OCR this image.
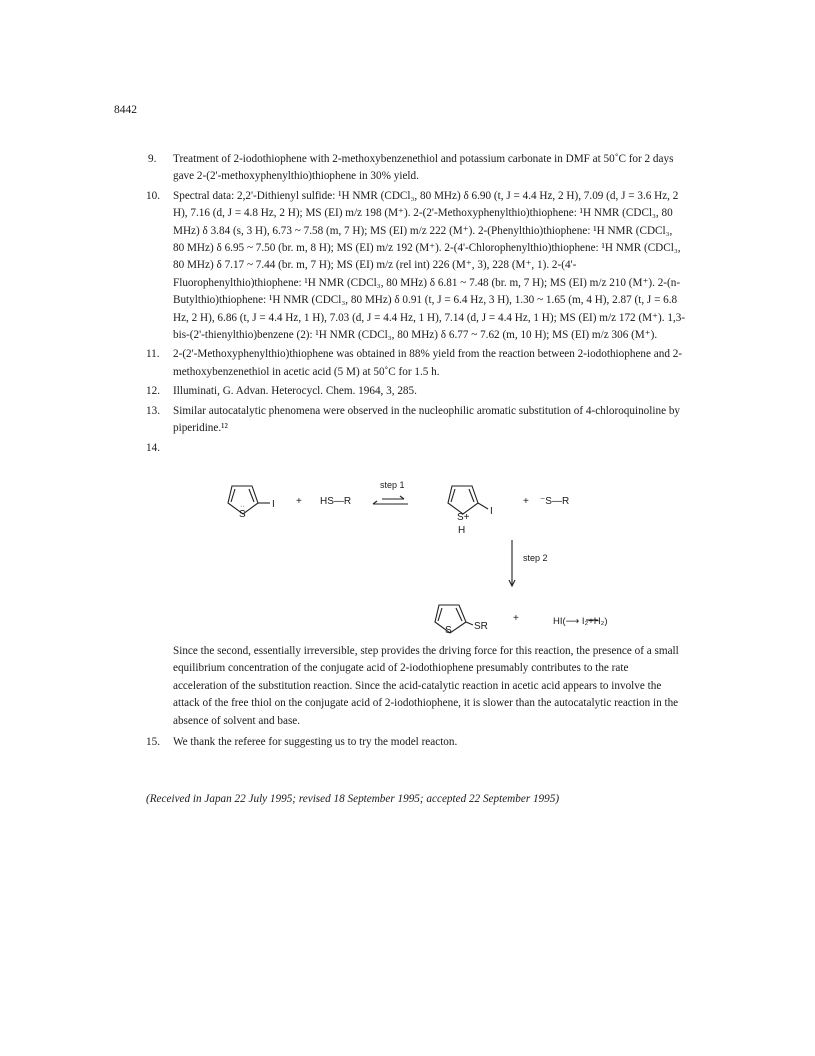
8442
9.	Treatment of 2-iodothiophene with 2-methoxybenzenethiol and potassium carbonate in DMF at 50˚C for 2 days gave 2-(2'-methoxyphenylthio)thiophene in 30% yield.
10.	Spectral data: 2,2'-Dithienyl sulfide: ¹H NMR (CDCl₃, 80 MHz) δ 6.90 (t, J = 4.4 Hz, 2 H), 7.09 (d, J = 3.6 Hz, 2 H), 7.16 (d, J = 4.8 Hz, 2 H); MS (EI) m/z 198 (M⁺). 2-(2'-Methoxyphenylthio)thiophene: ¹H NMR (CDCl₃, 80 MHz) δ 3.84 (s, 3 H), 6.73 ~ 7.58 (m, 7 H); MS (EI) m/z 222 (M⁺). 2-(Phenylthio)thiophene: ¹H NMR (CDCl₃, 80 MHz) δ 6.95 ~ 7.50 (br. m, 8 H); MS (EI) m/z 192 (M⁺). 2-(4'-Chlorophenylthio)thiophene: ¹H NMR (CDCl₃, 80 MHz) δ 7.17 ~ 7.44 (br. m, 7 H); MS (EI) m/z (rel int) 226 (M⁺, 3), 228 (M⁺, 1). 2-(4'-Fluorophenylthio)thiophene: ¹H NMR (CDCl₃, 80 MHz) δ 6.81 ~ 7.48 (br. m, 7 H); MS (EI) m/z 210 (M⁺). 2-(n-Butylthio)thiophene: ¹H NMR (CDCl₃, 80 MHz) δ 0.91 (t, J = 6.4 Hz, 3 H), 1.30 ~ 1.65 (m, 4 H), 2.87 (t, J = 6.8 Hz, 2 H), 6.86 (t, J = 4.4 Hz, 1 H), 7.03 (d, J = 4.4 Hz, 1 H), 7.14 (d, J = 4.4 Hz, 1 H); MS (EI) m/z 172 (M⁺). 1,3-bis-(2'-thienylthio)benzene (2): ¹H NMR (CDCl₃, 80 MHz) δ 6.77 ~ 7.62 (m, 10 H); MS (EI) m/z 306 (M⁺).
11.	2-(2'-Methoxyphenylthio)thiophene was obtained in 88% yield from the reaction between 2-iodothiophene and 2-methoxybenzenethiol in acetic acid (5 M) at 50˚C for 1.5 h.
12.	Illuminati, G. Advan. Heterocycl. Chem. 1964, 3, 285.
13.	Similar autocatalytic phenomena were observed in the nucleophilic aromatic substitution of 4-chloroquinoline by piperidine.¹²
14.
I
S
··	+ HS—R
step 1
I
S+
H
+ ⁻S—R
step 2
S SR
+	HI(⟶ I₂+H₂)
Since the second, essentially irreversible, step provides the driving force for this reaction, the presence of a small equilibrium concentration of the conjugate acid of 2-iodothiophene presumably contributes to the rate acceleration of the substitution reaction. Since the acid-catalytic reaction in acetic acid appears to involve the attack of the free thiol on the conjugate acid of 2-iodothiophene, it is slower than the autocatalytic reaction in the absence of solvent and base.
15. We thank the referee for suggesting us to try the model reacton.
(Received in Japan 22 July 1995; revised 18 September 1995; accepted 22 September 1995)
